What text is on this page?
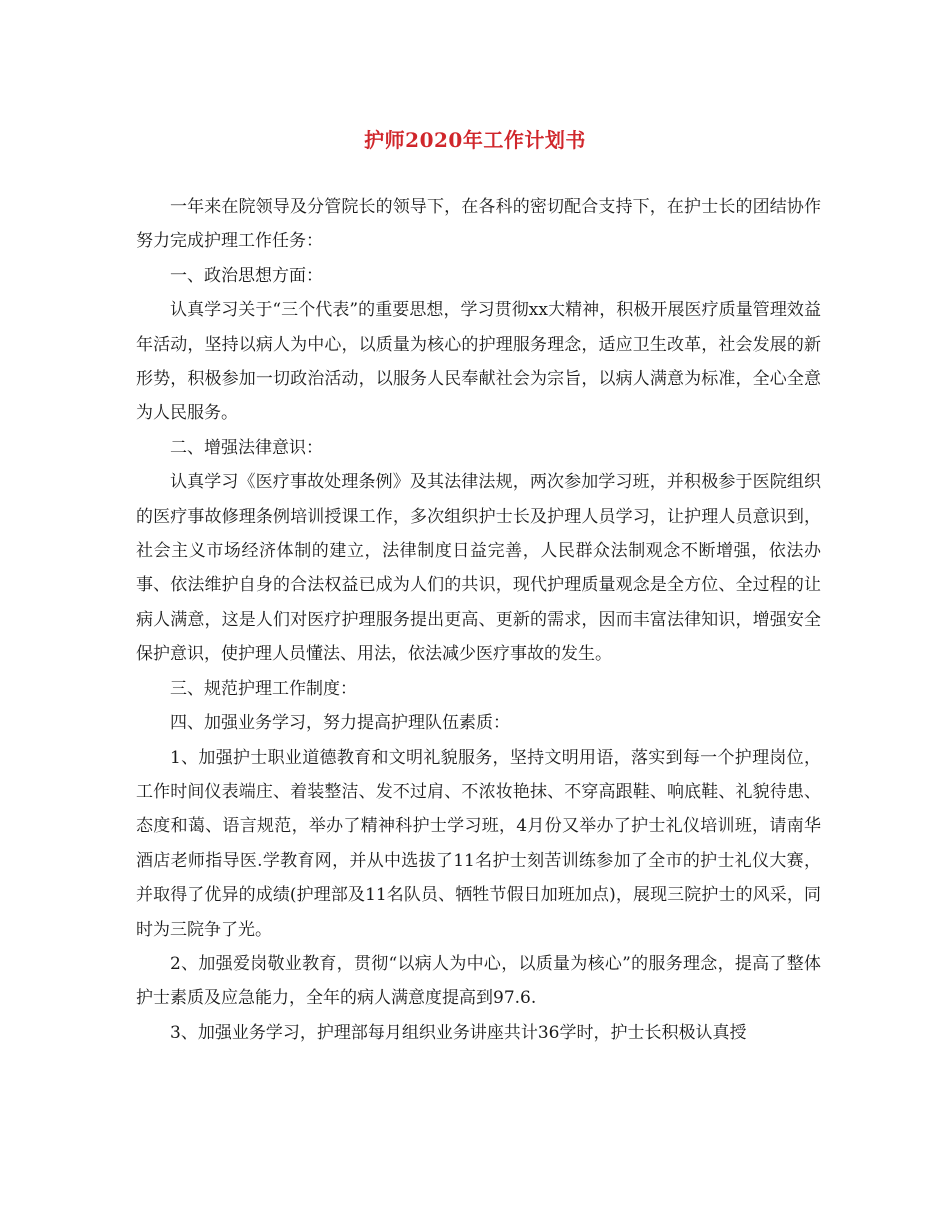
护师2020年工作计划书

一年来在院领导及分管院长的领导下，在各科的密切配合支持下，在护士长的团结协作努力完成护理工作任务：

一、政治思想方面：

认真学习关于“三个代表”的重要思想，学习贯彻xx大精神，积极开展医疗质量管理效益年活动，坚持以病人为中心，以质量为核心的护理服务理念，适应卫生改革，社会发展的新形势，积极参加一切政治活动，以服务人民奉献社会为宗旨，以病人满意为标准，全心全意为人民服务。

二、增强法律意识：

认真学习《医疗事故处理条例》及其法律法规，两次参加学习班，并积极参于医院组织的医疗事故修理条例培训授课工作，多次组织护士长及护理人员学习，让护理人员意识到，社会主义市场经济体制的建立，法律制度日益完善，人民群众法制观念不断增强，依法办事、依法维护自身的合法权益已成为人们的共识，现代护理质量观念是全方位、全过程的让病人满意，这是人们对医疗护理服务提出更高、更新的需求，因而丰富法律知识，增强安全保护意识，使护理人员懂法、用法，依法减少医疗事故的发生。

三、规范护理工作制度：

四、加强业务学习，努力提高护理队伍素质：

1、加强护士职业道德教育和文明礼貌服务，坚持文明用语，落实到每一个护理岗位，工作时间仪表端庄、着装整洁、发不过肩、不浓妆艳抹、不穿高跟鞋、响底鞋、礼貌待患、态度和蔼、语言规范，举办了精神科护士学习班，4月份又举办了护士礼仪培训班，请南华酒店老师指导医.学教育网，并从中选拔了11名护士刻苦训练参加了全市的护士礼仪大赛，并取得了优异的成绩(护理部及11名队员、牺牲节假日加班加点)，展现三院护士的风采，同时为三院争了光。

2、加强爱岗敬业教育，贯彻“以病人为中心，以质量为核心”的服务理念，提高了整体护士素质及应急能力，全年的病人满意度提高到97.6.

3、加强业务学习，护理部每月组织业务讲座共计36学时，护士长积极认真授
